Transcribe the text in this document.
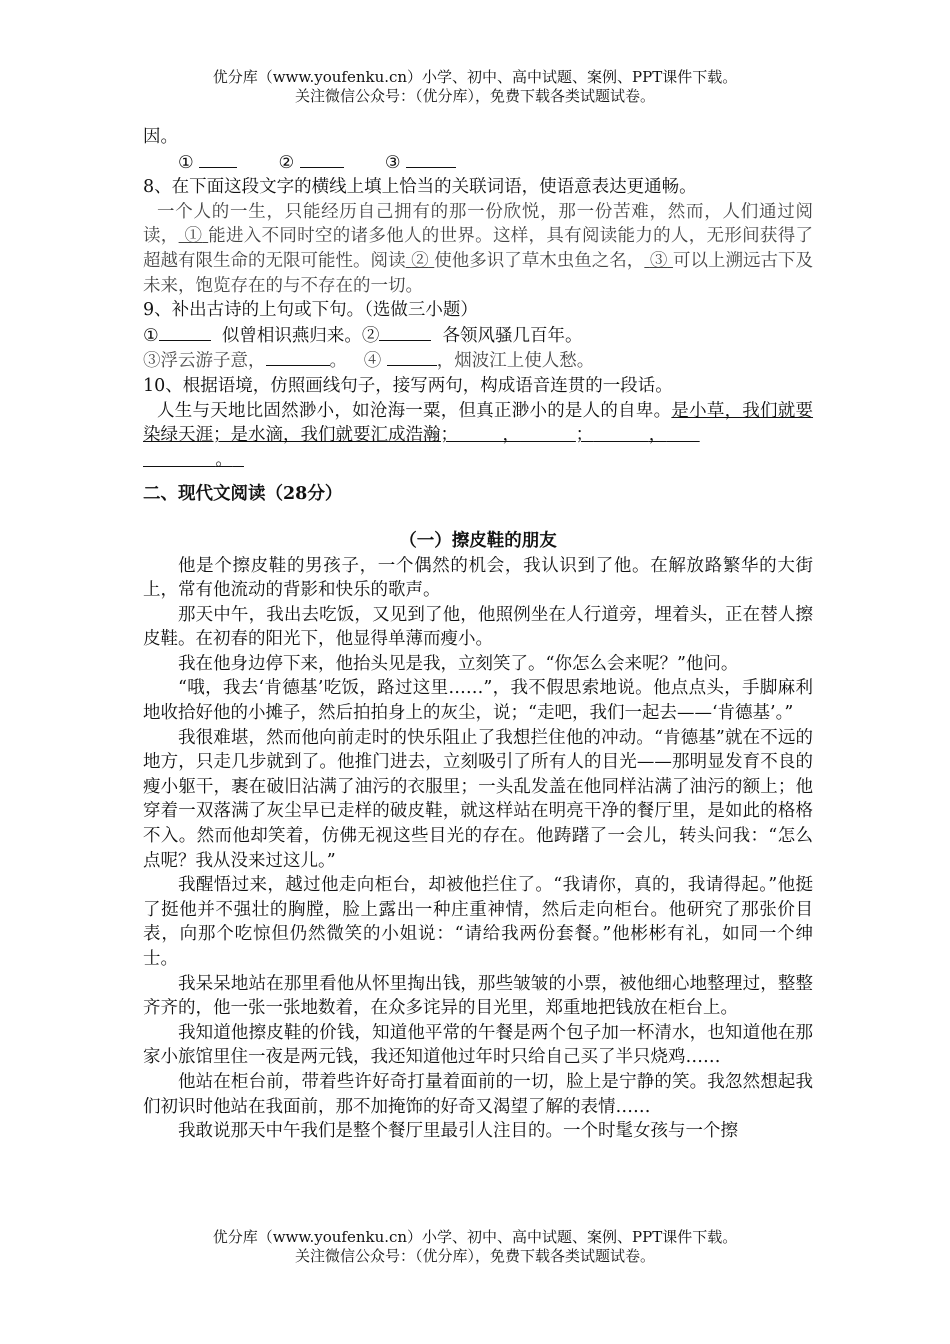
优分库（www.youfenku.cn）小学、初中、高中试题、案例、PPT课件下载。
关注微信公众号：（优分库），免费下载各类试题试卷。

因。

①	②	③

8、在下面这段文字的横线上填上恰当的关联词语，使语意表达更通畅。

一个人的一生，只能经历自己拥有的那一份欣悦，那一份苦难，然而，人们通过阅读， ① 能进入不同时空的诸多他人的世界。这样，具有阅读能力的人，无形间获得了超越有限生命的无限可能性。阅读 ② 使他多识了草木虫鱼之名， ③ 可以上溯远古下及未来，饱览存在的与不存在的一切。

9、补出古诗的上句或下句。（选做三小题）

①	似曾相识燕归来。②	各领风骚几百年。

③浮云游子意，	。 ④	，烟波江上使人愁。

10、根据语境，仿照画线句子，接写两句，构成语音连贯的一段话。

人生与天地比固然渺小，如沧海一粟，但真正渺小的是人的自卑。是小草，我们就要染绿天涯；是水滴，我们就要汇成浩瀚；	，	；	，

。

二、现代文阅读（28分）

（一）擦皮鞋的朋友

他是个擦皮鞋的男孩子，一个偶然的机会，我认识到了他。在解放路繁华的大街上，常有他流动的背影和快乐的歌声。

那天中午，我出去吃饭，又见到了他，他照例坐在人行道旁，埋着头，正在替人擦皮鞋。在初春的阳光下，他显得单薄而瘦小。

我在他身边停下来，他抬头见是我，立刻笑了。“你怎么会来呢？”他问。

“哦，我去‘肯德基’吃饭，路过这里……”，我不假思索地说。他点点头，手脚麻利地收拾好他的小摊子，然后拍拍身上的灰尘，说；“走吧，我们一起去——‘肯德基’。”

我很难堪，然而他向前走时的快乐阻止了我想拦住他的冲动。“肯德基”就在不远的地方，只走几步就到了。他推门进去，立刻吸引了所有人的目光——那明显发育不良的瘦小躯干，裹在破旧沾满了油污的衣服里；一头乱发盖在他同样沾满了油污的额上；他穿着一双落满了灰尘早已走样的破皮鞋，就这样站在明亮干净的餐厅里，是如此的格格不入。然而他却笑着，仿佛无视这些目光的存在。他踌躇了一会儿，转头问我：“怎么点呢？我从没来过这儿。”

我醒悟过来，越过他走向柜台，却被他拦住了。“我请你，真的，我请得起。”他挺了挺他并不强壮的胸膛，脸上露出一种庄重神情，然后走向柜台。他研究了那张价目表，向那个吃惊但仍然微笑的小姐说：“请给我两份套餐。”他彬彬有礼，如同一个绅士。

我呆呆地站在那里看他从怀里掏出钱，那些皱皱的小票，被他细心地整理过，整整齐齐的，他一张一张地数着，在众多诧异的目光里，郑重地把钱放在柜台上。

我知道他擦皮鞋的价钱，知道他平常的午餐是两个包子加一杯清水，也知道他在那家小旅馆里住一夜是两元钱，我还知道他过年时只给自己买了半只烧鸡……

他站在柜台前，带着些许好奇打量着面前的一切，脸上是宁静的笑。我忽然想起我们初识时他站在我面前，那不加掩饰的好奇又渴望了解的表情……

我敢说那天中午我们是整个餐厅里最引人注目的。一个时髦女孩与一个擦

优分库（www.youfenku.cn）小学、初中、高中试题、案例、PPT课件下载。
关注微信公众号：（优分库），免费下载各类试题试卷。
